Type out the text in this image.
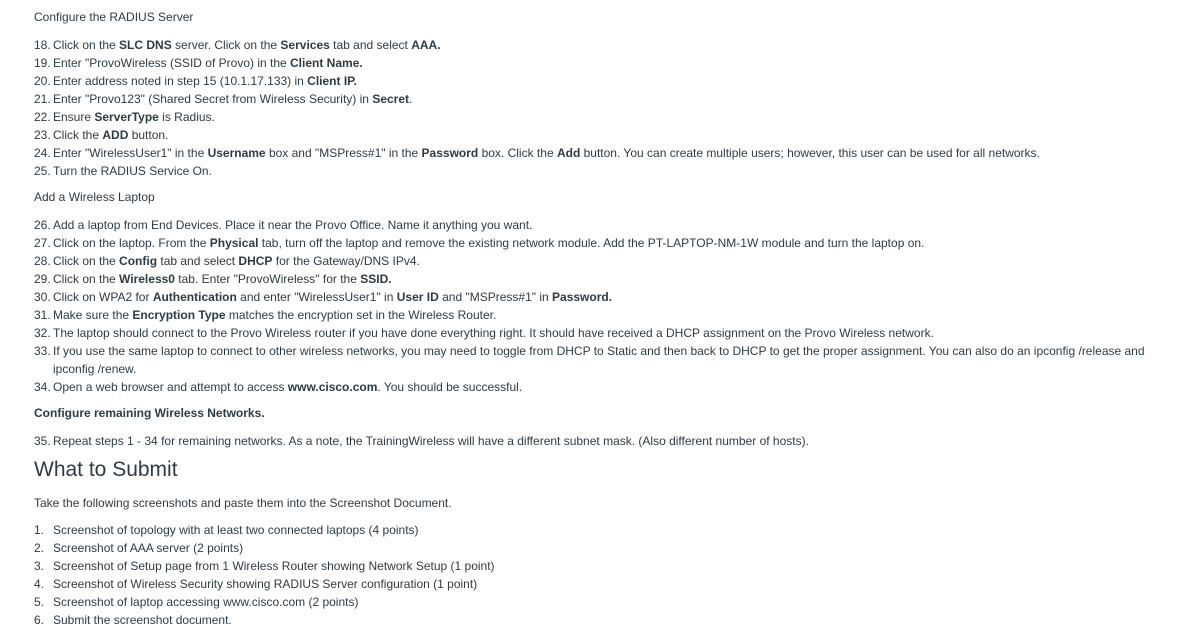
Configure the RADIUS Server
18. Click on the SLC DNS server. Click on the Services tab and select AAA.
19. Enter "ProvoWireless (SSID of Provo) in the Client Name.
20. Enter address noted in step 15 (10.1.17.133) in Client IP.
21. Enter "Provo123" (Shared Secret from Wireless Security) in Secret.
22. Ensure ServerType is Radius.
23. Click the ADD button.
24. Enter "WirelessUser1" in the Username box and "MSPress#1" in the Password box. Click the Add button. You can create multiple users; however, this user can be used for all networks.
25. Turn the RADIUS Service On.
Add a Wireless Laptop
26. Add a laptop from End Devices. Place it near the Provo Office. Name it anything you want.
27. Click on the laptop. From the Physical tab, turn off the laptop and remove the existing network module. Add the PT-LAPTOP-NM-1W module and turn the laptop on.
28. Click on the Config tab and select DHCP for the Gateway/DNS IPv4.
29. Click on the Wireless0 tab. Enter "ProvoWireless" for the SSID.
30. Click on WPA2 for Authentication and enter "WirelessUser1" in User ID and "MSPress#1" in Password.
31. Make sure the Encryption Type matches the encryption set in the Wireless Router.
32. The laptop should connect to the Provo Wireless router if you have done everything right. It should have received a DHCP assignment on the Provo Wireless network.
33. If you use the same laptop to connect to other wireless networks, you may need to toggle from DHCP to Static and then back to DHCP to get the proper assignment. You can also do an ipconfig /release and ipconfig /renew.
34. Open a web browser and attempt to access www.cisco.com. You should be successful.
Configure remaining Wireless Networks.
35. Repeat steps 1 - 34 for remaining networks. As a note, the TrainingWireless will have a different subnet mask. (Also different number of hosts).
What to Submit

Take the following screenshots and paste them into the Screenshot Document.

1. Screenshot of topology with at least two connected laptops (4 points)
2. Screenshot of AAA server (2 points)
3. Screenshot of Setup page from 1 Wireless Router showing Network Setup (1 point)
4. Screenshot of Wireless Security showing RADIUS Server configuration (1 point)
5. Screenshot of laptop accessing www.cisco.com (2 points)
6. Submit the screenshot document.
